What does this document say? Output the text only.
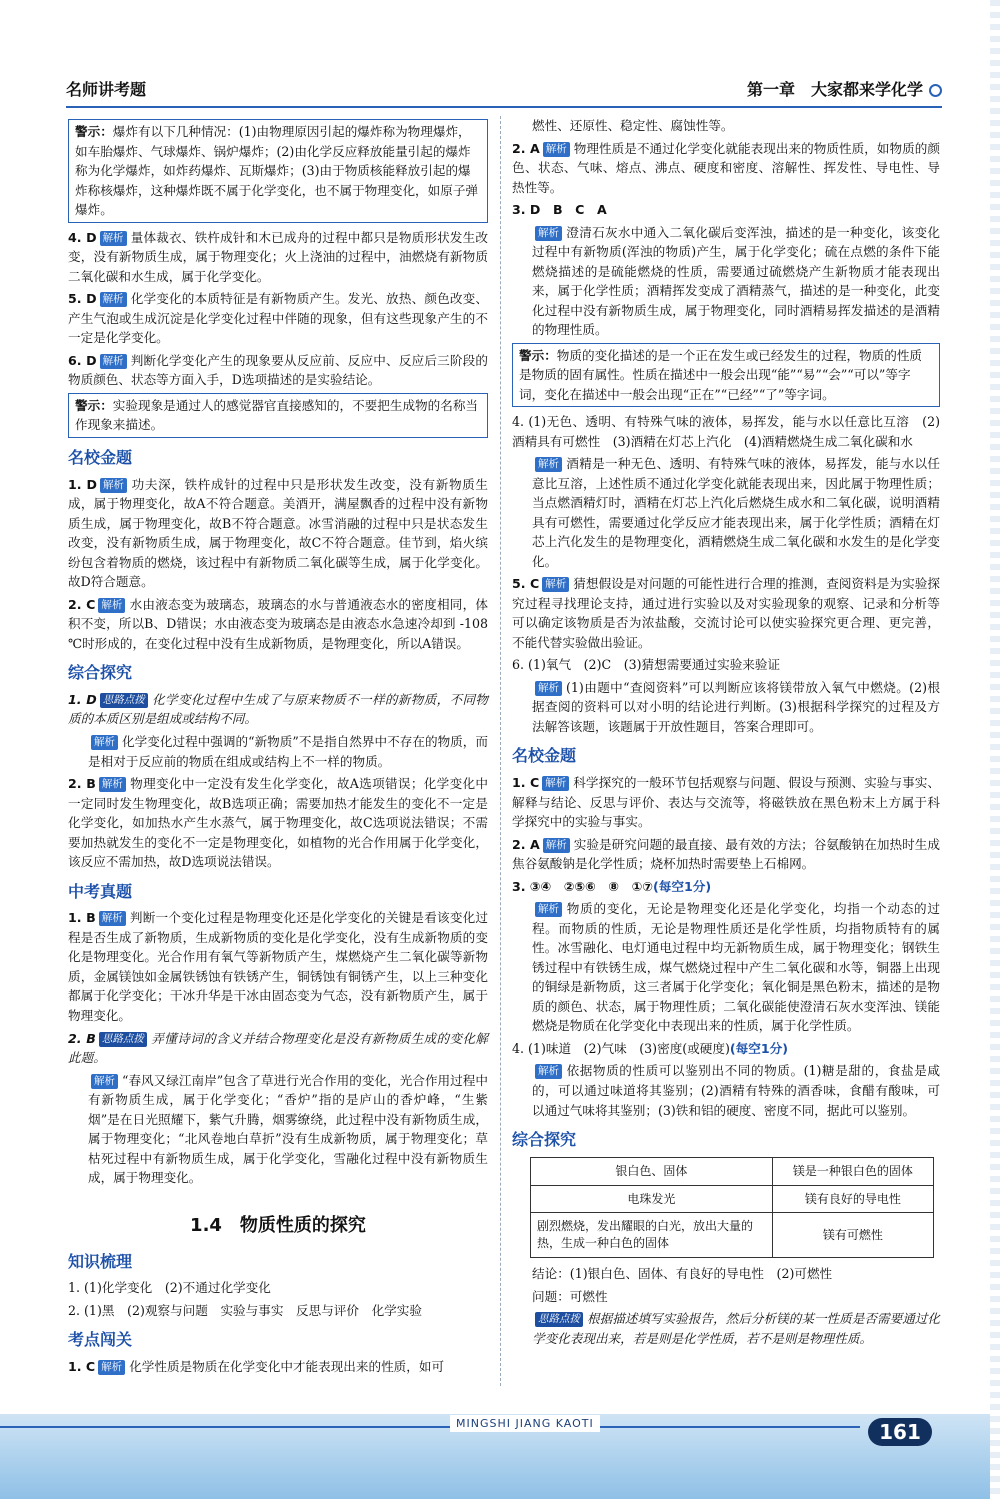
名师讲考题	第一章　大家都来学化学
警示：爆炸有以下几种情况：(1)由物理原因引起的爆炸称为物理爆炸，如车胎爆炸、气球爆炸、锅炉爆炸；(2)由化学反应释放能量引起的爆炸称为化学爆炸，如炸药爆炸、瓦斯爆炸；(3)由于物质核能释放引起的爆炸称核爆炸，这种爆炸既不属于化学变化，也不属于物理变化，如原子弹爆炸。

4. D 解析 量体裁衣、铁杵成针和木已成舟的过程中都只是物质形状发生改变，没有新物质生成，属于物理变化；火上浇油的过程中，油燃烧有新物质二氧化碳和水生成，属于化学变化。

5. D 解析 化学变化的本质特征是有新物质产生。发光、放热、颜色改变、产生气泡或生成沉淀是化学变化过程中伴随的现象，但有这些现象产生的不一定是化学变化。

6. D 解析 判断化学变化产生的现象要从反应前、反应中、反应后三阶段的物质颜色、状态等方面入手，D选项描述的是实验结论。

警示：实验现象是通过人的感觉器官直接感知的，不要把生成物的名称当作现象来描述。
名校金题

1. D 解析 功夫深，铁杵成针的过程中只是形状发生改变，没有新物质生成，属于物理变化，故A不符合题意。美酒开，满屋飘香的过程中没有新物质生成，属于物理变化，故B不符合题意。冰雪消融的过程中只是状态发生改变，没有新物质生成，属于物理变化，故C不符合题意。佳节到，焰火缤纷包含着物质的燃烧，该过程中有新物质二氧化碳等生成，属于化学变化。故D符合题意。

2. C 解析 水由液态变为玻璃态，玻璃态的水与普通液态水的密度相同，体积不变，所以B、D错误；水由液态变为玻璃态是由液态水急速冷却到 -108 ℃时形成的，在变化过程中没有生成新物质，是物理变化，所以A错误。

综合探究

1. D 思路点拨 化学变化过程中生成了与原来物质不一样的新物质，不同物质的本质区别是组成或结构不同。

解析 化学变化过程中强调的“新物质”不是指自然界中不存在的物质，而是相对于反应前的物质在组成或结构上不一样的物质。

2. B 解析 物理变化中一定没有发生化学变化，故A选项错误；化学变化中一定同时发生物理变化，故B选项正确；需要加热才能发生的变化不一定是化学变化，如加热水产生水蒸气，属于物理变化，故C选项说法错误；不需要加热就发生的变化不一定是物理变化，如植物的光合作用属于化学变化，该反应不需加热，故D选项说法错误。

中考真题

1. B 解析 判断一个变化过程是物理变化还是化学变化的关键是看该变化过程是否生成了新物质，生成新物质的变化是化学变化，没有生成新物质的变化是物理变化。光合作用有氧气等新物质产生，煤燃烧产生二氧化碳等新物质，金属镁蚀如金属铁锈蚀有铁锈产生，铜锈蚀有铜锈产生，以上三种变化都属于化学变化；干冰升华是干冰由固态变为气态，没有新物质产生，属于物理变化。

2. B 思路点拨 弄懂诗词的含义并结合物理变化是没有新物质生成的变化解此题。

解析 “春风又绿江南岸”包含了草进行光合作用的变化，光合作用过程中有新物质生成，属于化学变化；“香炉”指的是庐山的香炉峰，“生紫烟”是在日光照耀下，紫气升腾，烟雾缭绕，此过程中没有新物质生成，属于物理变化；“北风卷地白草折”没有生成新物质，属于物理变化；草枯死过程中有新物质生成，属于化学变化，雪融化过程中没有新物质生成，属于物理变化。

1.4　物质性质的探究
知识梳理

1. (1)化学变化　(2)不通过化学变化

2. (1)黑　(2)观察与问题　实验与事实　反思与评价　化学实验

考点闯关

1. C 解析 化学性质是物质在化学变化中才能表现出来的性质，如可

燃性、还原性、稳定性、腐蚀性等。

2. A 解析 物理性质是不通过化学变化就能表现出来的物质性质，如物质的颜色、状态、气味、熔点、沸点、硬度和密度、溶解性、挥发性、导电性、导热性等。

3. D　B　C　A

解析 澄清石灰水中通入二氧化碳后变浑浊，描述的是一种变化，该变化过程中有新物质(浑浊的物质)产生，属于化学变化；硫在点燃的条件下能燃烧描述的是硫能燃烧的性质，需要通过硫燃烧产生新物质才能表现出来，属于化学性质；酒精挥发变成了酒精蒸气，描述的是一种变化，此变化过程中没有新物质生成，属于物理变化，同时酒精易挥发描述的是酒精的物理性质。

警示：物质的变化描述的是一个正在发生或已经发生的过程，物质的性质是物质的固有属性。性质在描述中一般会出现“能”“易”“会”“可以”等字词，变化在描述中一般会出现“正在”“已经”“了”等字词。

4. (1)无色、透明、有特殊气味的液体，易挥发，能与水以任意比互溶　(2)酒精具有可燃性　(3)酒精在灯芯上汽化　(4)酒精燃烧生成二氧化碳和水

解析 酒精是一种无色、透明、有特殊气味的液体，易挥发，能与水以任意比互溶，上述性质不通过化学变化就能表现出来，因此属于物理性质；当点燃酒精灯时，酒精在灯芯上汽化后燃烧生成水和二氧化碳，说明酒精具有可燃性，需要通过化学反应才能表现出来，属于化学性质；酒精在灯芯上汽化发生的是物理变化，酒精燃烧生成二氧化碳和水发生的是化学变化。

5. C 解析 猜想假设是对问题的可能性进行合理的推测，查阅资料是为实验探究过程寻找理论支持，通过进行实验以及对实验现象的观察、记录和分析等可以确定该物质是否为浓盐酸，交流讨论可以使实验探究更合理、更完善，不能代替实验做出验证。

6. (1)氧气　(2)C　(3)猜想需要通过实验来验证

解析 (1)由题中“查阅资料”可以判断应该将镁带放入氧气中燃烧。(2)根据查阅的资料可以对小明的结论进行判断。(3)根据科学探究的过程及方法解答该题，该题属于开放性题目，答案合理即可。

名校金题

1. C 解析 科学探究的一般环节包括观察与问题、假设与预测、实验与事实、解释与结论、反思与评价、表达与交流等，将磁铁放在黑色粉末上方属于科学探究中的实验与事实。

2. A 解析 实验是研究问题的最直接、最有效的方法；谷氨酸钠在加热时生成焦谷氨酸钠是化学性质；烧杯加热时需要垫上石棉网。

3. ③④　②⑤⑥　⑧　①⑦(每空1分)

解析 物质的变化，无论是物理变化还是化学变化，均指一个动态的过程。而物质的性质，无论是物理性质还是化学性质，均指物质特有的属性。冰雪融化、电灯通电过程中均无新物质生成，属于物理变化；钢铁生锈过程中有铁锈生成，煤气燃烧过程中产生二氧化碳和水等，铜器上出现的铜绿是新物质，这三者属于化学变化；氧化铜是黑色粉末，描述的是物质的颜色、状态，属于物理性质；二氧化碳能使澄清石灰水变浑浊、镁能燃烧是物质在化学变化中表现出来的性质，属于化学性质。

4. (1)味道　(2)气味　(3)密度(或硬度)(每空1分)

解析 依据物质的性质可以鉴别出不同的物质。(1)糖是甜的，食盐是咸的，可以通过味道将其鉴别；(2)酒精有特殊的酒香味，食醋有酸味，可以通过气味将其鉴别；(3)铁和铝的硬度、密度不同，据此可以鉴别。

综合探究
银白色、固体	镁是一种银白色的固体
电珠发光	镁有良好的导电性
剧烈燃烧，发出耀眼的白光，放出大量的热，生成一种白色的固体	镁有可燃性

结论：(1)银白色、固体、有良好的导电性　(2)可燃性

问题：可燃性

思路点拨 根据描述填写实验报告，然后分析镁的某一性质是否需要通过化学变化表现出来，若是则是化学性质，若不是则是物理性质。

MINGSHI JIANG KAOTI	161
